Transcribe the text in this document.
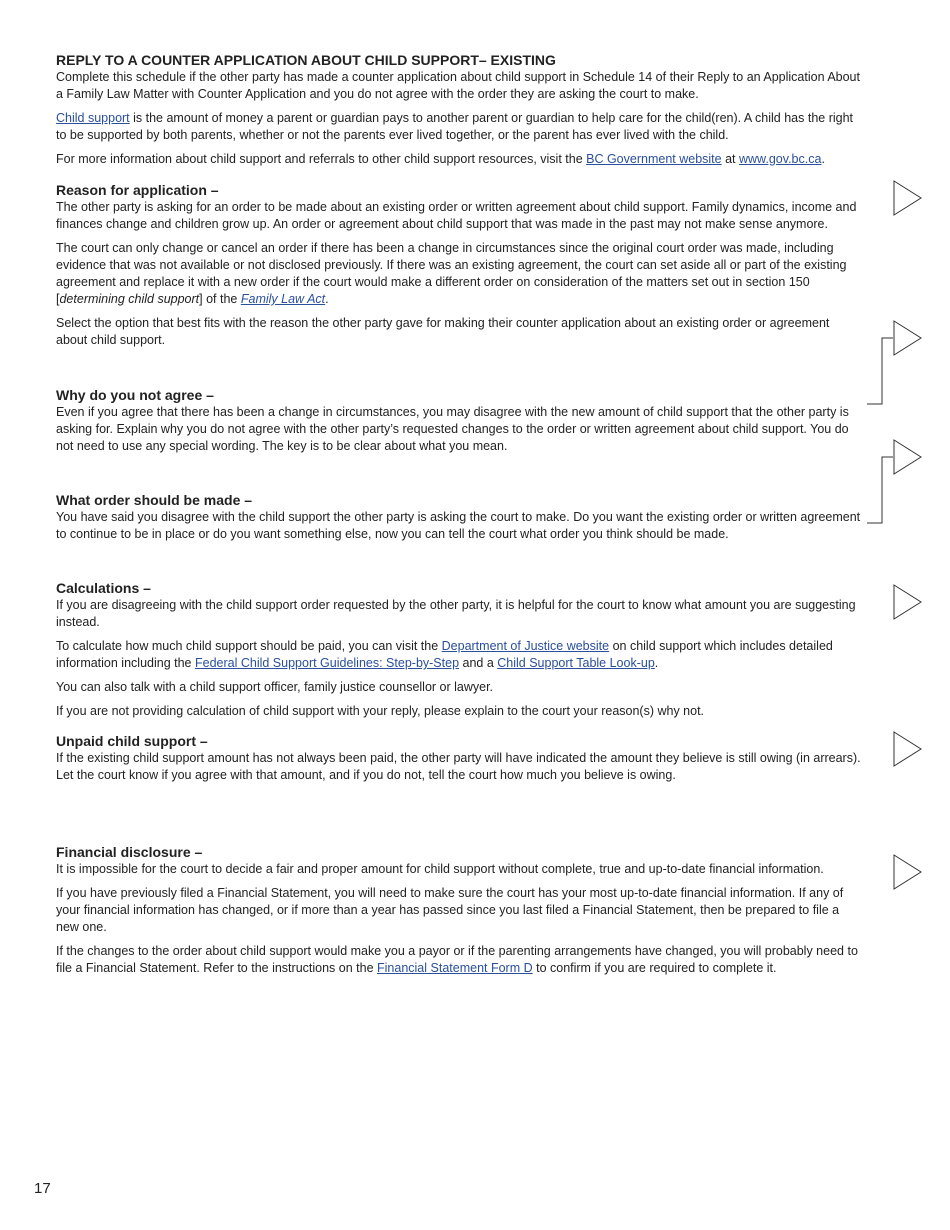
REPLY TO A COUNTER APPLICATION ABOUT CHILD SUPPORT– EXISTING

Complete this schedule if the other party has made a counter application about child support in Schedule 14 of their Reply to an Application About a Family Law Matter with Counter Application and you do not agree with the order they are asking the court to make.

Child support is the amount of money a parent or guardian pays to another parent or guardian to help care for the child(ren). A child has the right to be supported by both parents, whether or not the parents ever lived together, or the parent has ever lived with the child.

For more information about child support and referrals to other child support resources, visit the BC Government website at www.gov.bc.ca.

Reason for application –

The other party is asking for an order to be made about an existing order or written agreement about child support. Family dynamics, income and finances change and children grow up. An order or agreement about child support that was made in the past may not make sense anymore.

The court can only change or cancel an order if there has been a change in circumstances since the original court order was made, including evidence that was not available or not disclosed previously. If there was an existing agreement, the court can set aside all or part of the existing agreement and replace it with a new order if the court would make a different order on consideration of the matters set out in section 150 [determining child support] of the Family Law Act.

Select the option that best fits with the reason the other party gave for making their counter application about an existing order or agreement about child support.

Why do you not agree –

Even if you agree that there has been a change in circumstances, you may disagree with the new amount of child support that the other party is asking for. Explain why you do not agree with the other party’s requested changes to the order or written agreement about child support. You do not need to use any special wording. The key is to be clear about what you mean.

What order should be made –

You have said you disagree with the child support the other party is asking the court to make. Do you want the existing order or written agreement to continue to be in place or do you want something else, now you can tell the court what order you think should be made.

Calculations –

If you are disagreeing with the child support order requested by the other party, it is helpful for the court to know what amount you are suggesting instead.

To calculate how much child support should be paid, you can visit the Department of Justice website on child support which includes detailed information including the Federal Child Support Guidelines: Step-by-Step and a Child Support Table Look-up.

You can also talk with a child support officer, family justice counsellor or lawyer.

If you are not providing calculation of child support with your reply, please explain to the court your reason(s) why not.

Unpaid child support –

If the existing child support amount has not always been paid, the other party will have indicated the amount they believe is still owing (in arrears). Let the court know if you agree with that amount, and if you do not, tell the court how much you believe is owing.

Financial disclosure –

It is impossible for the court to decide a fair and proper amount for child support without complete, true and up-to-date financial information.

If you have previously filed a Financial Statement, you will need to make sure the court has your most up-to-date financial information. If any of your financial information has changed, or if more than a year has passed since you last filed a Financial Statement, then be prepared to file a new one.

If the changes to the order about child support would make you a payor or if the parenting arrangements have changed, you will probably need to file a Financial Statement. Refer to the instructions on the Financial Statement Form D to confirm if you are required to complete it.

17
